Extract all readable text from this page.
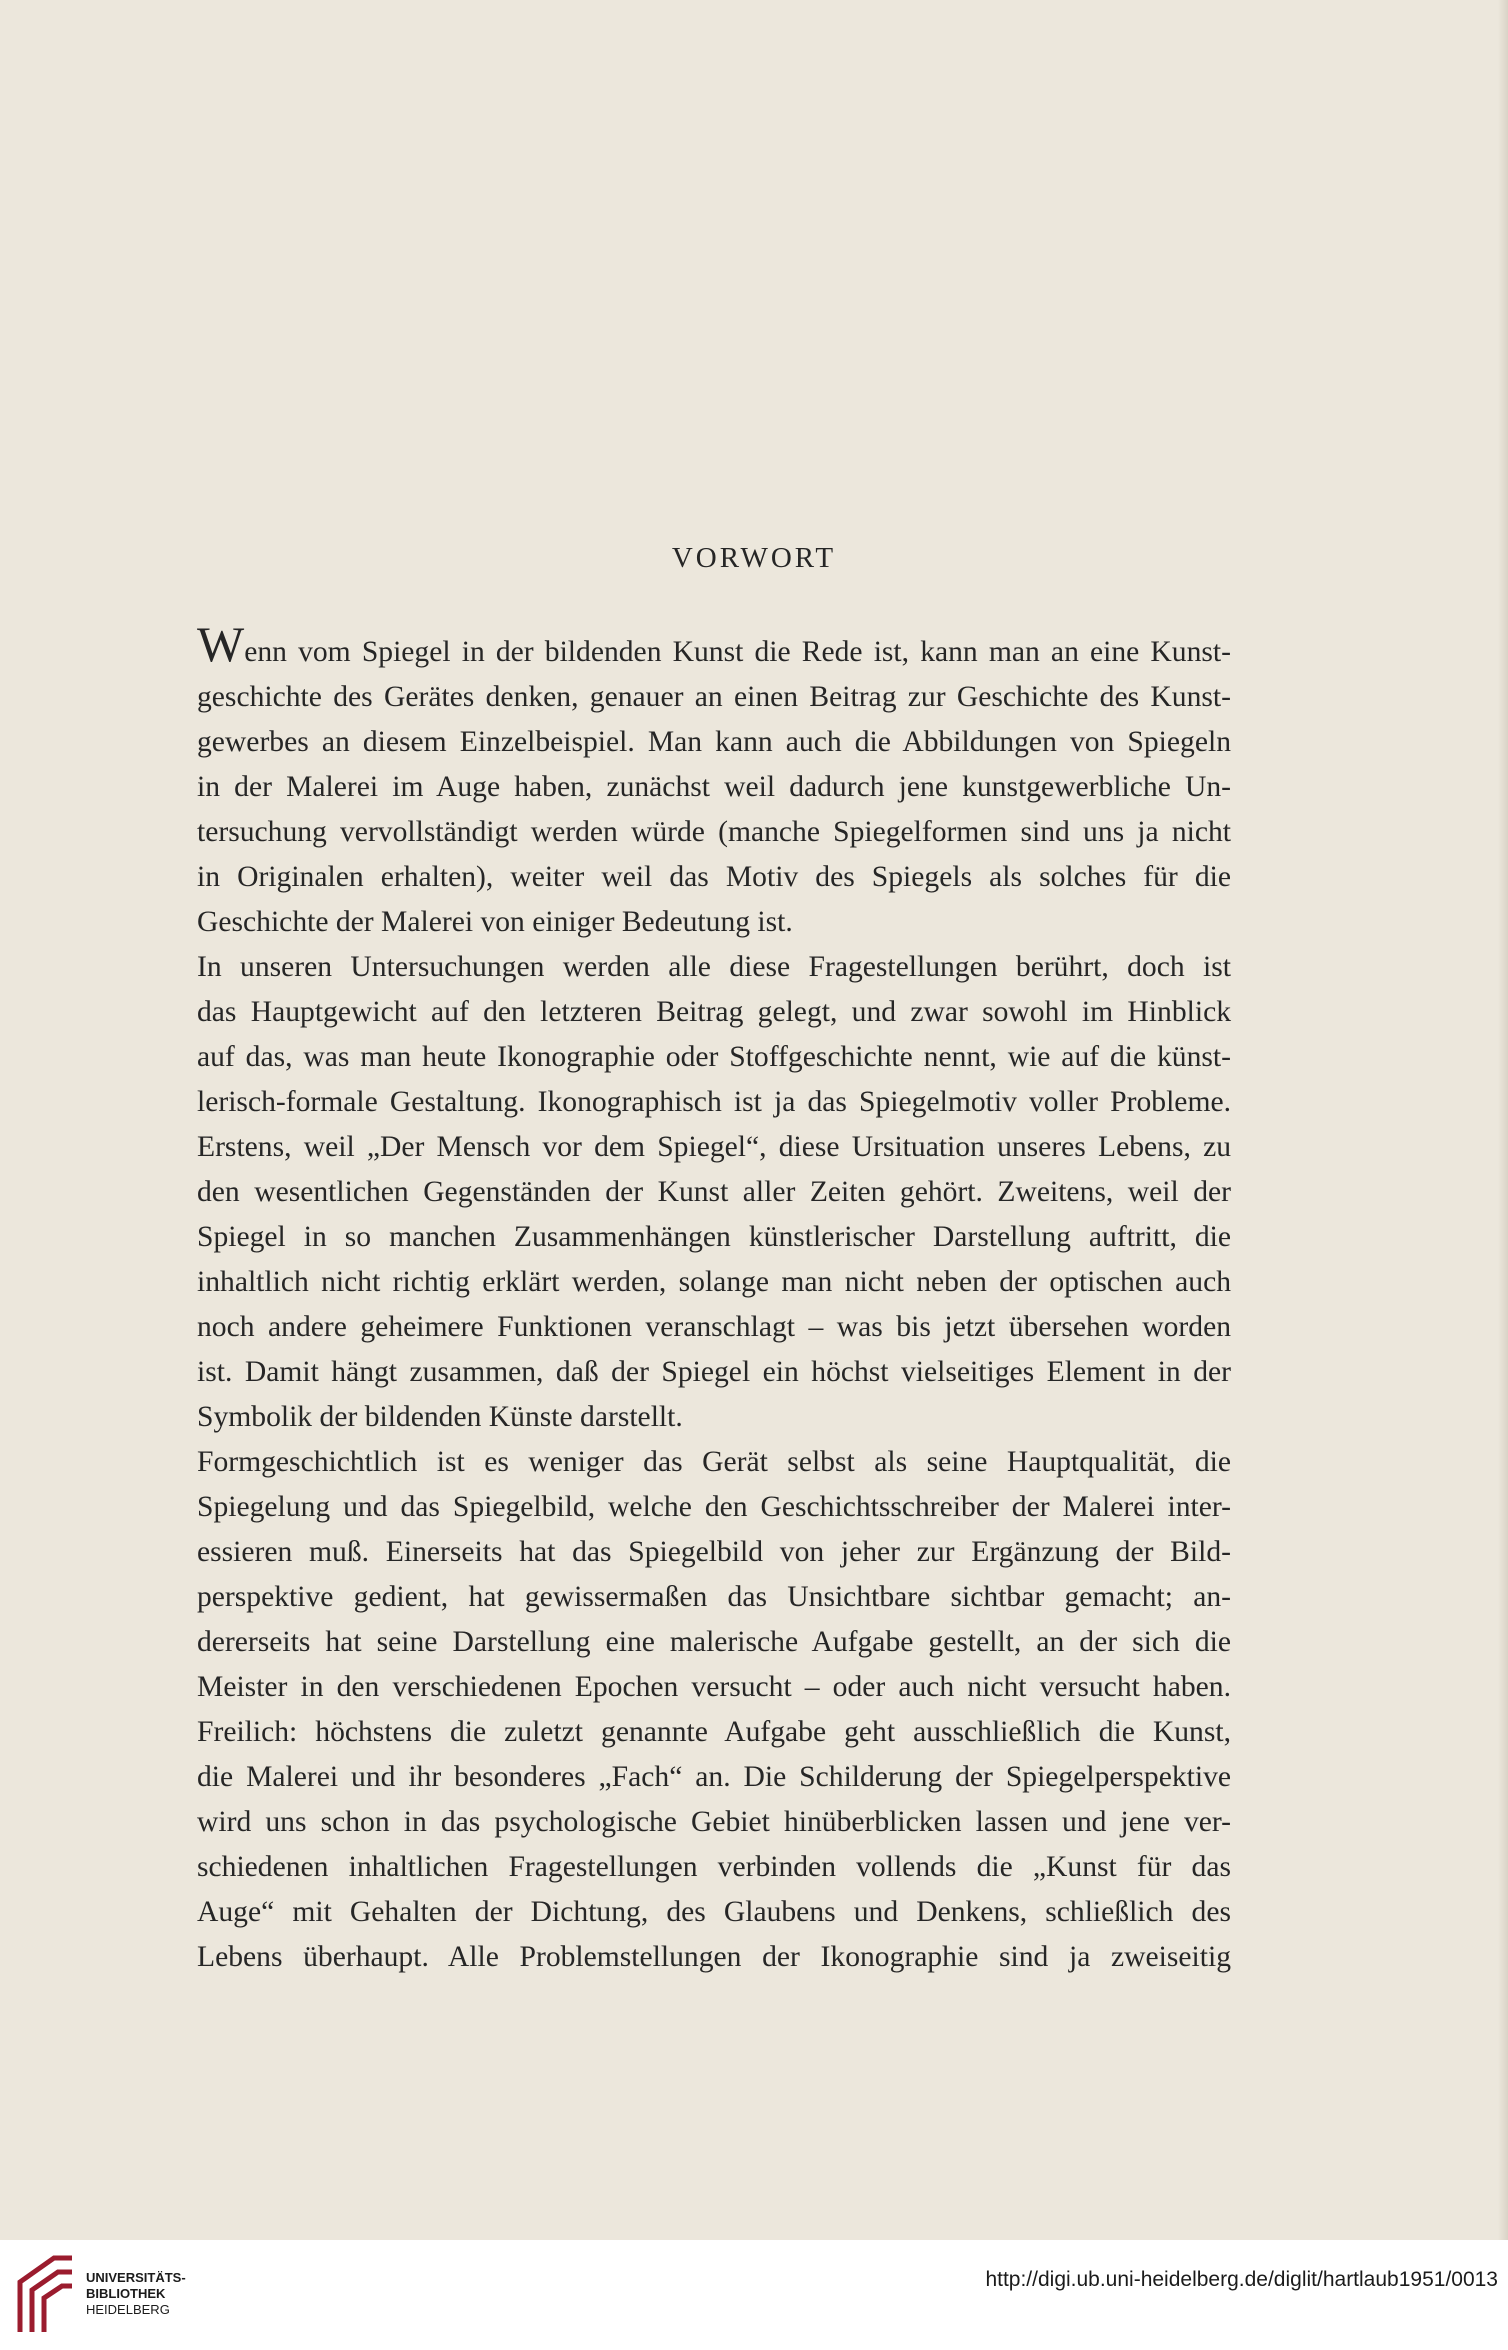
VORWORT

Wenn vom Spiegel in der bildenden Kunst die Rede ist, kann man an eine Kunst-

geschichte des Gerätes denken, genauer an einen Beitrag zur Geschichte des Kunst-

gewerbes an diesem Einzelbeispiel. Man kann auch die Abbildungen von Spiegeln

in der Malerei im Auge haben, zunächst weil dadurch jene kunstgewerbliche Un-

tersuchung vervollständigt werden würde (manche Spiegelformen sind uns ja nicht

in Originalen erhalten), weiter weil das Motiv des Spiegels als solches für die

Geschichte der Malerei von einiger Bedeutung ist.

In unseren Untersuchungen werden alle diese Fragestellungen berührt, doch ist

das Hauptgewicht auf den letzteren Beitrag gelegt, und zwar sowohl im Hinblick

auf das, was man heute Ikonographie oder Stoffgeschichte nennt, wie auf die künst-

lerisch-formale Gestaltung. Ikonographisch ist ja das Spiegelmotiv voller Probleme.

Erstens, weil „Der Mensch vor dem Spiegel“, diese Ursituation unseres Lebens, zu

den wesentlichen Gegenständen der Kunst aller Zeiten gehört. Zweitens, weil der

Spiegel in so manchen Zusammenhängen künstlerischer Darstellung auftritt, die

inhaltlich nicht richtig erklärt werden, solange man nicht neben der optischen auch

noch andere geheimere Funktionen veranschlagt – was bis jetzt übersehen worden

ist. Damit hängt zusammen, daß der Spiegel ein höchst vielseitiges Element in der

Symbolik der bildenden Künste darstellt.

Formgeschichtlich ist es weniger das Gerät selbst als seine Hauptqualität, die

Spiegelung und das Spiegelbild, welche den Geschichtsschreiber der Malerei inter-

essieren muß. Einerseits hat das Spiegelbild von jeher zur Ergänzung der Bild-

perspektive gedient, hat gewissermaßen das Unsichtbare sichtbar gemacht; an-

dererseits hat seine Darstellung eine malerische Aufgabe gestellt, an der sich die

Meister in den verschiedenen Epochen versucht – oder auch nicht versucht haben.

Freilich: höchstens die zuletzt genannte Aufgabe geht ausschließlich die Kunst,

die Malerei und ihr besonderes „Fach“ an. Die Schilderung der Spiegelperspektive

wird uns schon in das psychologische Gebiet hinüberblicken lassen und jene ver-

schiedenen inhaltlichen Fragestellungen verbinden vollends die „Kunst für das

Auge“ mit Gehalten der Dichtung, des Glaubens und Denkens, schließlich des

Lebens überhaupt. Alle Problemstellungen der Ikonographie sind ja zweiseitig

UNIVERSITÄTS-
BIBLIOTHEK
HEIDELBERG
http://digi.ub.uni-heidelberg.de/diglit/hartlaub1951/0013
